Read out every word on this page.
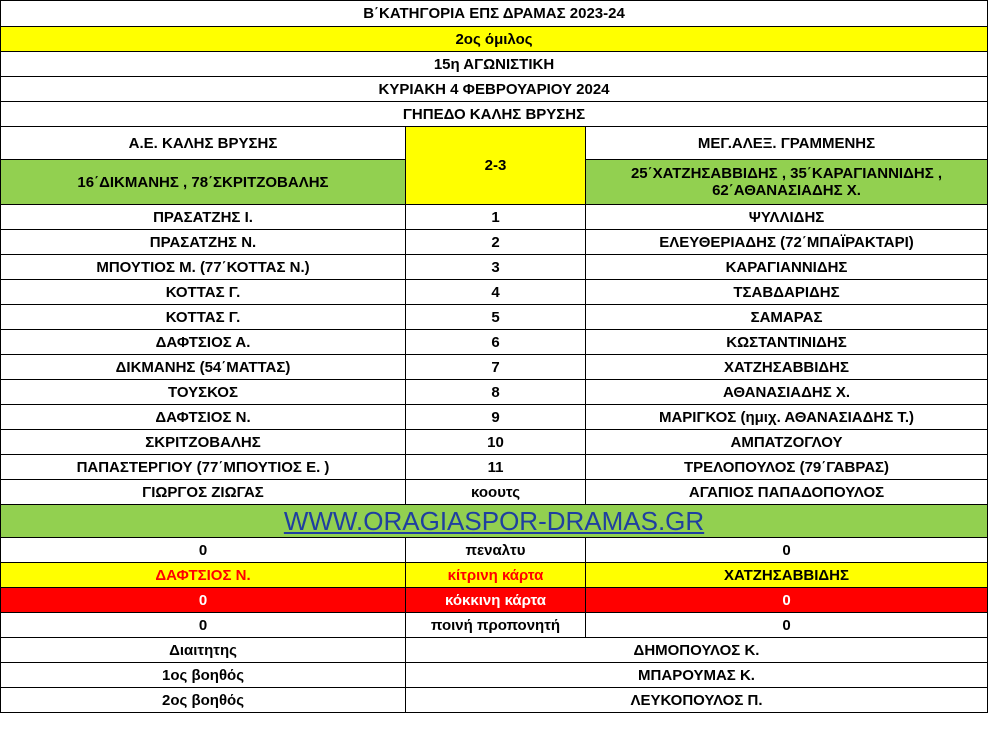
Β΄ΚΑΤΗΓΟΡΙΑ ΕΠΣ ΔΡΑΜΑΣ 2023-24		
2ος όμιλος		
15η ΑΓΩΝΙΣΤΙΚΗ		
ΚΥΡΙΑΚΗ 4 ΦΕΒΡΟΥΑΡΙΟΥ 2024		
ΓΗΠΕΔΟ ΚΑΛΗΣ ΒΡΥΣΗΣ		
Α.Ε. ΚΑΛΗΣ ΒΡΥΣΗΣ	2-3	ΜΕΓ.ΑΛΕΞ. ΓΡΑΜΜΕΝΗΣ
16΄ΔΙΚΜΑΝΗΣ , 78΄ΣΚΡΙΤΖΟΒΑΛΗΣ		25΄ΧΑΤΖΗΣΑΒΒΙΔΗΣ , 35΄ΚΑΡΑΓΙΑΝΝΙΔΗΣ ,
62΄ΑΘΑΝΑΣΙΑΔΗΣ Χ.

ΠΡΑΣΑΤΖΗΣ Ι.	1	ΨΥΛΛΙΔΗΣ
ΠΡΑΣΑΤΖΗΣ Ν.	2	ΕΛΕΥΘΕΡΙΑΔΗΣ (72΄ΜΠΑΪΡΑΚΤΑΡΙ)
ΜΠΟΥΤΙΟΣ Μ. (77΄ΚΟΤΤΑΣ Ν.)	3	ΚΑΡΑΓΙΑΝΝΙΔΗΣ
ΚΟΤΤΑΣ Γ.	4	ΤΣΑΒΔΑΡΙΔΗΣ
ΚΟΤΤΑΣ Γ.	5	ΣΑΜΑΡΑΣ
ΔΑΦΤΣΙΟΣ Α.	6	ΚΩΣΤΑΝΤΙΝΙΔΗΣ
ΔΙΚΜΑΝΗΣ (54΄ΜΑΤΤΑΣ)	7	ΧΑΤΖΗΣΑΒΒΙΔΗΣ
ΤΟΥΣΚΟΣ	8	ΑΘΑΝΑΣΙΑΔΗΣ Χ.
ΔΑΦΤΣΙΟΣ Ν.	9	ΜΑΡΙΓΚΟΣ (ημιχ. ΑΘΑΝΑΣΙΑΔΗΣ Τ.)
ΣΚΡΙΤΖΟΒΑΛΗΣ	10	ΑΜΠΑΤΖΟΓΛΟΥ
ΠΑΠΑΣΤΕΡΓΙΟΥ (77΄ΜΠΟΥΤΙΟΣ Ε. )	11	ΤΡΕΛΟΠΟΥΛΟΣ (79΄ΓΑΒΡΑΣ)
ΓΙΩΡΓΟΣ ΖΙΩΓΑΣ	κοουτς	ΑΓΑΠΙΟΣ ΠΑΠΑΔΟΠΟΥΛΟΣ
WWW.ORAGIASPOR-DRAMAS.GR		
0	πεναλτυ	0
ΔΑΦΤΣΙΟΣ Ν.	κίτρινη κάρτα	ΧΑΤΖΗΣΑΒΒΙΔΗΣ
0	κόκκινη κάρτα	0
0	ποινή προπονητή	0
Διαιτητης	ΔΗΜΟΠΟΥΛΟΣ Κ.	
1ος βοηθός	ΜΠΑΡΟΥΜΑΣ Κ.	
2ος βοηθός	ΛΕΥΚΟΠΟΥΛΟΣ Π.	
